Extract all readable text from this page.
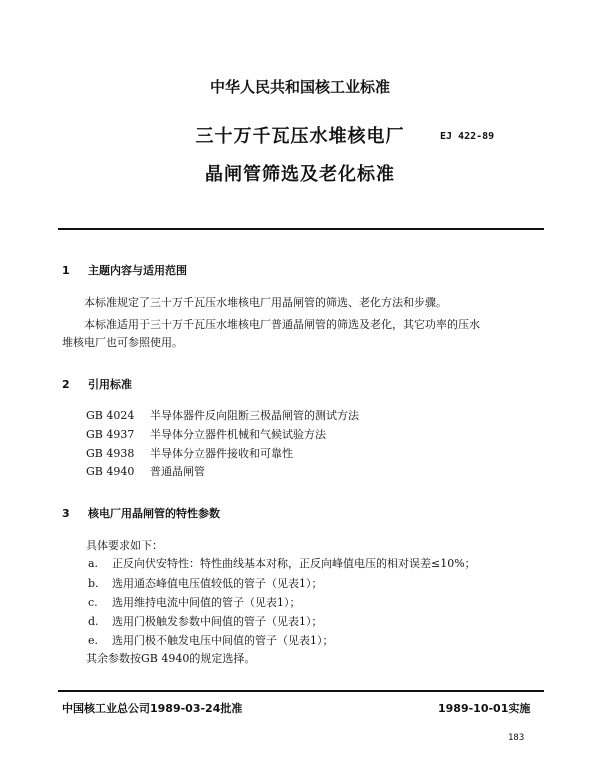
中华人民共和国核工业标准
三十万千瓦压水堆核电厂
晶闸管筛选及老化标准
EJ 422-89
1 主题内容与适用范围
本标准规定了三十万千瓦压水堆核电厂用晶闸管的筛选、老化方法和步骤。
本标准适用于三十万千瓦压水堆核电厂普通晶闸管的筛选及老化，其它功率的压水
堆核电厂也可参照使用。
2 引用标准
GB 4024 半导体器件反向阻断三极晶闸管的测试方法
GB 4937 半导体分立器件机械和气候试验方法
GB 4938 半导体分立器件接收和可靠性
GB 4940 普通晶闸管
3 核电厂用晶闸管的特性参数
具体要求如下：
a. 正反向伏安特性：特性曲线基本对称，正反向峰值电压的相对误差≤10%；
b. 选用通态峰值电压值较低的管子（见表1）；
c. 选用维持电流中间值的管子（见表1）；
d. 选用门极触发参数中间值的管子（见表1）；
e. 选用门极不触发电压中间值的管子（见表1）；
其余参数按GB 4940的规定选择。
中国核工业总公司1989-03-24批准	1989-10-01实施
183
